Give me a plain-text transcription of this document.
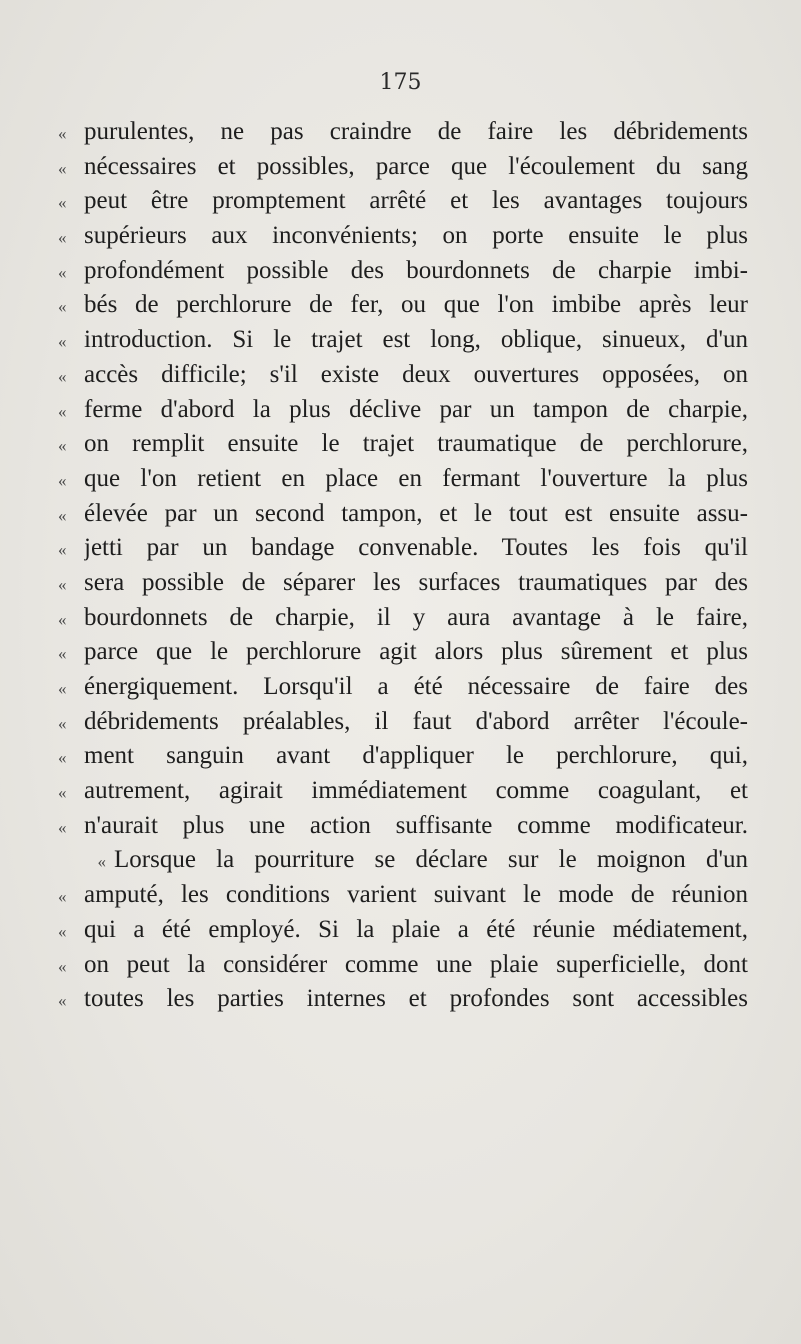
175
« purulentes, ne pas craindre de faire les débridements
« nécessaires et possibles, parce que l'écoulement du sang
« peut être promptement arrêté et les avantages toujours
« supérieurs aux inconvénients; on porte ensuite le plus
« profondément possible des bourdonnets de charpie imbi-
« bés de perchlorure de fer, ou que l'on imbibe après leur
« introduction. Si le trajet est long, oblique, sinueux, d'un
« accès difficile; s'il existe deux ouvertures opposées, on
« ferme d'abord la plus déclive par un tampon de charpie,
« on remplit ensuite le trajet traumatique de perchlorure,
« que l'on retient en place en fermant l'ouverture la plus
« élevée par un second tampon, et le tout est ensuite assu-
« jetti par un bandage convenable. Toutes les fois qu'il
« sera possible de séparer les surfaces traumatiques par des
« bourdonnets de charpie, il y aura avantage à le faire,
« parce que le perchlorure agit alors plus sûrement et plus
« énergiquement. Lorsqu'il a été nécessaire de faire des
« débridements préalables, il faut d'abord arrêter l'écoule-
« ment sanguin avant d'appliquer le perchlorure, qui,
« autrement, agirait immédiatement comme coagulant, et
« n'aurait plus une action suffisante comme modificateur.
« Lorsque la pourriture se déclare sur le moignon d'un
« amputé, les conditions varient suivant le mode de réunion
« qui a été employé. Si la plaie a été réunie médiatement,
« on peut la considérer comme une plaie superficielle, dont
« toutes les parties internes et profondes sont accessibles
